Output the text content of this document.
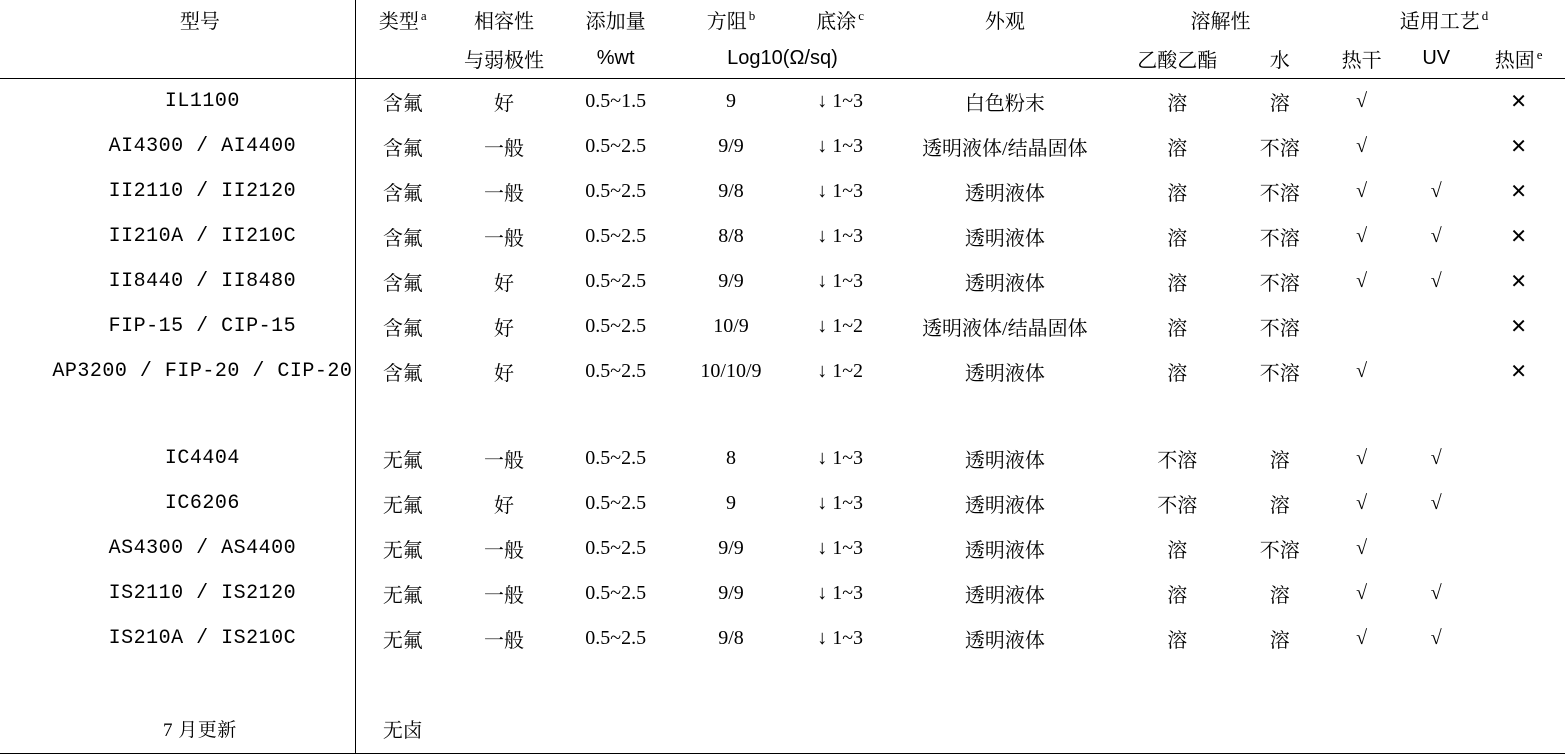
型号	类型 $^a$	相容性	添加量	方阻 $^b$	底涂 $^c$	外观	溶解性		适用工艺 $^d$
		与弱极性	%wt	Log10(Ω/sq)			乙酸乙酯	水	热干	UV	热固 $^e$

IL1100	含氟	好	0.5~1.5	9	↓ 1~3	白色粉末	溶	溶	√		✕
AI4300 / AI4400	含氟	一般	0.5~2.5	9/9	↓ 1~3	透明液体/结晶固体	溶	不溶	√		✕
II2110 / II2120	含氟	一般	0.5~2.5	9/8	↓ 1~3	透明液体	溶	不溶	√	√	✕
II210A / II210C	含氟	一般	0.5~2.5	8/8	↓ 1~3	透明液体	溶	不溶	√	√	✕
II8440 / II8480	含氟	好	0.5~2.5	9/9	↓ 1~3	透明液体	溶	不溶	√	√	✕
FIP-15 / CIP-15	含氟	好	0.5~2.5	10/9	↓ 1~2	透明液体/结晶固体	溶	不溶			✕
AP3200 / FIP-20 / CIP-20	含氟	好	0.5~2.5	10/10/9	↓ 1~2	透明液体	溶	不溶	√		✕

IC4404	无氟	一般	0.5~2.5	8	↓ 1~3	透明液体	不溶	溶	√	√	
IC6206	无氟	好	0.5~2.5	9	↓ 1~3	透明液体	不溶	溶	√	√	
AS4300 / AS4400	无氟	一般	0.5~2.5	9/9	↓ 1~3	透明液体	溶	不溶	√		
IS2110 / IS2120	无氟	一般	0.5~2.5	9/9	↓ 1~3	透明液体	溶	溶	√	√	
IS210A / IS210C	无氟	一般	0.5~2.5	9/8	↓ 1~3	透明液体	溶	溶	√	√	

7 月更新	无卤										
